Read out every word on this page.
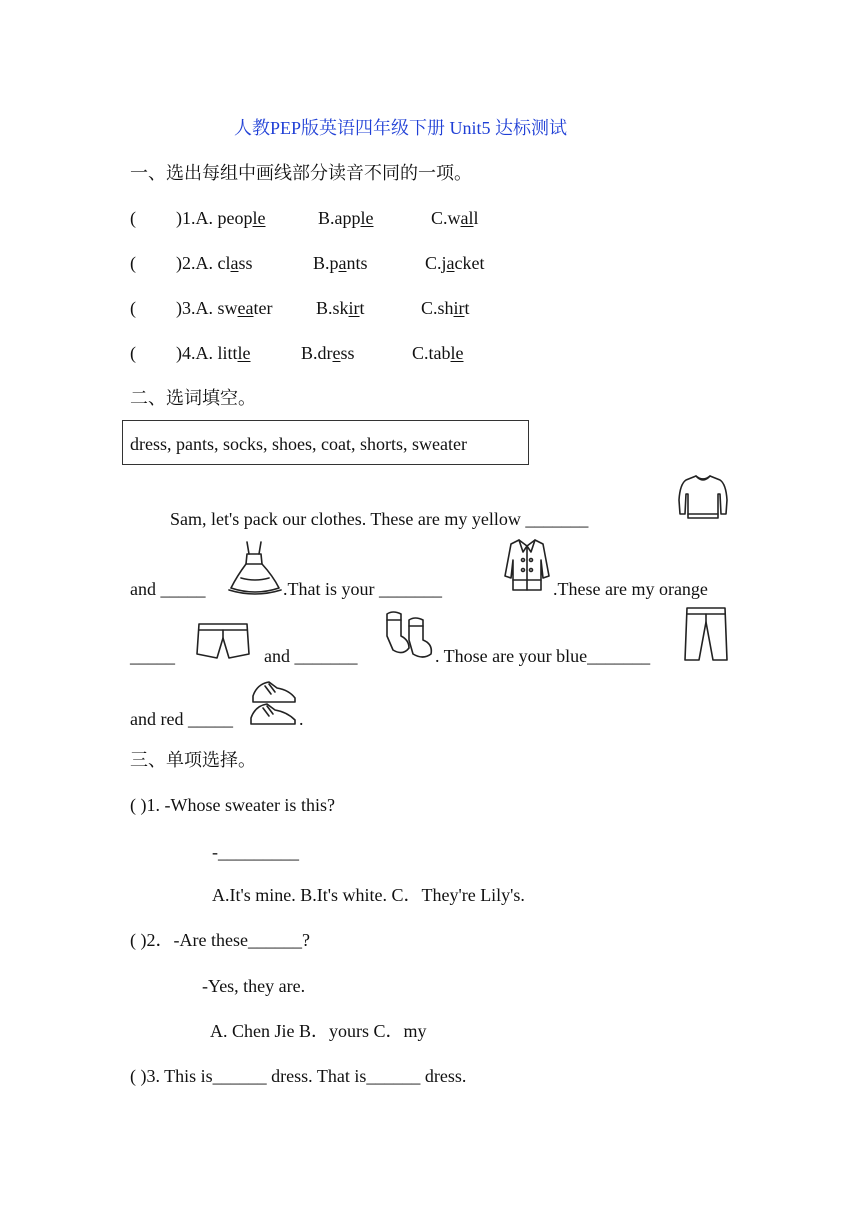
人教PEP版英语四年级下册 Unit5 达标测试
一、选出每组中画线部分读音不同的一项。
( )1.A. people	B.apple	C.wall
( )2.A. class	B.pants	C.jacket
( )3.A. sweater B.skirt	C.shirt
( )4.A. little	B.dress	C.table
二、选词填空。
dress, pants, socks, shoes, coat, shorts, sweater
Sam, let's pack our clothes. These are my yellow _______
and _____	.That is your _______	.These are my orange
_____	and _______	. Those are your blue_______
and red _____	.
三、单项选择。
( )1. -Whose sweater is this?
-_________
A.It's mine. B.It's white. C．They're Lily's.
( )2．-Are these______?
-Yes, they are.
A. Chen Jie B．yours C．my
( )3. This is______ dress. That is______ dress.
